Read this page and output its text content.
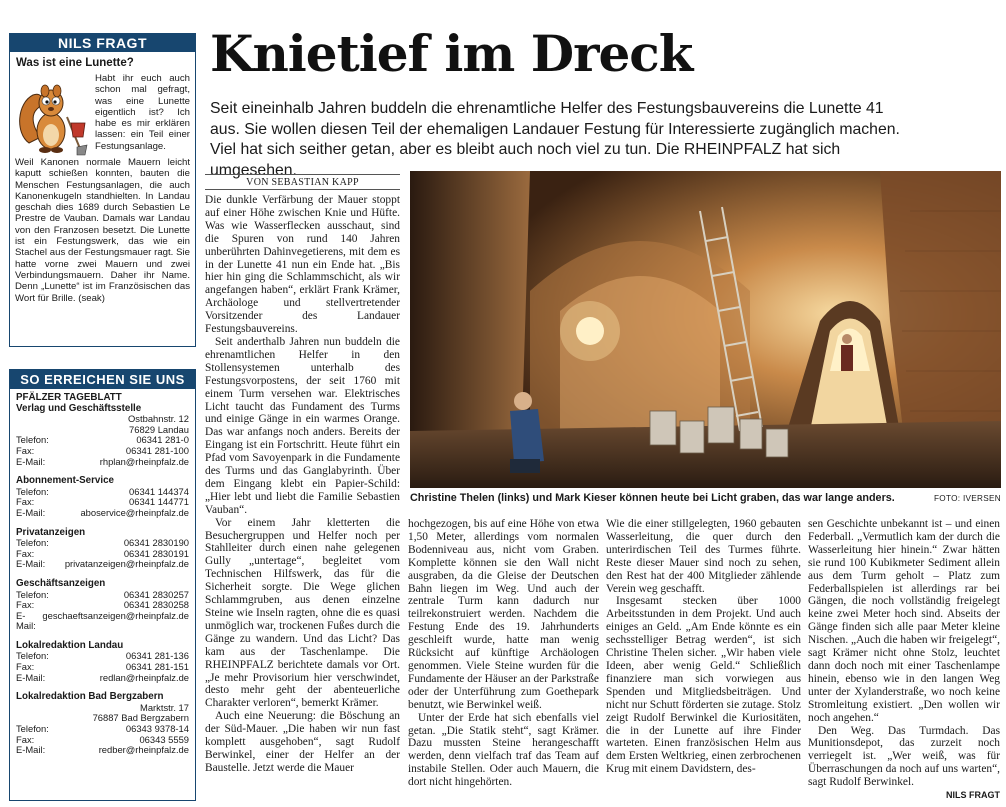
NILS FRAGT
Was ist eine Lunette?
Habt ihr euch auch schon mal gefragt, was eine Lunette eigentlich ist? Ich habe es mir erklären lassen: ein Teil einer Festungsanlage.
Weil Kanonen normale Mauern leicht kaputt schießen konnten, bauten die Menschen Festungsanlagen, die auch Kanonenkugeln standhielten. In Landau geschah dies 1689 durch Sebastien Le Prestre de Vauban. Damals war Landau von den Franzosen besetzt. Die Lunette ist ein Festungswerk, das wie ein Stachel aus der Festungsmauer ragt. Sie hatte vorne zwei Mauern und zwei Verbindungsmauern. Daher ihr Name. Denn „Lunette“ ist im Französischen das Wort für Brille. (seak)
SO ERREICHEN SIE UNS
PFÄLZER TAGEBLATT
Verlag und Geschäftsstelle
Ostbahnstr. 12
76829 Landau
Telefon:	06341 281-0
Fax:	06341 281-100
E-Mail:	rhplan@rheinpfalz.de
Abonnement-Service
Telefon:	06341 144374
Fax:	06341 144771
E-Mail:	aboservice@rheinpfalz.de
Privatanzeigen
Telefon:	06341 2830190
Fax:	06341 2830191
E-Mail: privatanzeigen@rheinpfalz.de
Geschäftsanzeigen
Telefon:	06341 2830257
Fax:	06341 2830258
E-Mail:
geschaeftsanzeigen@rheinpfalz.de
Lokalredaktion Landau
Telefon:	06341 281-136
Fax:	06341 281-151
E-Mail:	redlan@rheinpfalz.de
Lokalredaktion Bad Bergzabern
Marktstr. 17
76887 Bad Bergzabern
Telefon:	06343 9378-14
Fax:	06343 5559
E-Mail:	redber@rheinpfalz.de
Knietief im Dreck
Seit eineinhalb Jahren buddeln die ehrenamtliche Helfer des Festungsbauvereins die Lunette 41 aus. Sie wollen diesen Teil der ehemaligen Landauer Festung für Interessierte zugänglich machen. Viel hat sich seither getan, aber es bleibt auch noch viel zu tun. Die RHEINPFALZ hat sich umgesehen.
VON SEBASTIAN KAPP

Die dunkle Verfärbung der Mauer stoppt auf einer Höhe zwischen Knie und Hüfte. Was wie Wasserflecken ausschaut, sind die Spuren von rund 140 Jahren unberührten Dahinvegetierens, mit dem es in der Lunette 41 nun ein Ende hat. „Bis hier hin ging die Schlammschicht, als wir angefangen haben“, erklärt Frank Krämer, Archäologe und stellvertretender Vorsitzender des Landauer Festungsbauvereins.

Seit anderthalb Jahren nun buddeln die ehrenamtlichen Helfer in den Stollensystemen unterhalb des Festungsvorpostens, der seit 1760 mit einem Turm versehen war. Elektrisches Licht taucht das Fundament des Turms und einige Gänge in ein warmes Orange. Das war anfangs noch anders. Bereits der Eingang ist ein Fortschritt. Heute führt ein Pfad vom Savoyenpark in die Fundamente des Turms und das Ganglabyrinth. Über dem Eingang klebt ein Papier-Schild: „Hier lebt und liebt die Familie Sebastien Vauban“.

Vor einem Jahr kletterten die Besuchergruppen und Helfer noch per Stahlleiter durch einen nahe gelegenen Gully „untertage“, begleitet vom Technischen Hilfswerk, das für die Sicherheit sorgte. Die Wege glichen Schlammgruben, aus denen einzelne Steine wie Inseln ragten, ohne die es quasi unmöglich war, trockenen Fußes durch die Gänge zu wandern. Und das Licht? Das kam aus der Taschenlampe. Die RHEINPFALZ berichtete damals vor Ort. „Je mehr Provisorium hier verschwindet, desto mehr geht der abenteuerliche Charakter verloren“, bemerkt Krämer.

Auch eine Neuerung: die Böschung an der Süd-Mauer. „Die haben wir nun fast komplett ausgehoben“, sagt Rudolf Berwinkel, einer der Helfer an der Baustelle. Jetzt werde die Mauer

Christine Thelen (links) und Mark Kieser können heute bei Licht graben, das war lange anders.	FOTO: IVERSEN

hochgezogen, bis auf eine Höhe von etwa 1,50 Meter, allerdings vom normalen Bodenniveau aus, nicht vom Graben. Komplette können sie den Wall nicht ausgraben, da die Gleise der Deutschen Bahn liegen im Weg. Und auch der zentrale Turm kann dadurch nur teilrekonstruiert werden. Nachdem die Festung Ende des 19. Jahrhunderts geschleift wurde, hatte man wenig Rücksicht auf künftige Archäologen genommen. Viele Steine wurden für die Fundamente der Häuser an der Parkstraße oder der Unterführung zum Goethepark benutzt, wie Berwinkel weiß.

Unter der Erde hat sich ebenfalls viel getan. „Die Statik steht“, sagt Krämer. Dazu mussten Steine herangeschafft werden, denn vielfach traf das Team auf instabile Stellen. Oder auch Mauern, die dort nicht hingehörten.

Wie die einer stillgelegten, 1960 gebauten Wasserleitung, die quer durch den unterirdischen Teil des Turmes führte. Reste dieser Mauer sind noch zu sehen, den Rest hat der 400 Mitglieder zählende Verein weg geschafft.

Insgesamt stecken über 1000 Arbeitsstunden in dem Projekt. Und auch einiges an Geld. „Am Ende könnte es ein sechsstelliger Betrag werden“, ist sich Christine Thelen sicher. „Wir haben viele Ideen, aber wenig Geld.“ Schließlich finanziere man sich vorwiegen aus Spenden und Mitgliedsbeiträgen. Und nicht nur Schutt förderten sie zutage. Stolz zeigt Rudolf Berwinkel die Kuriositäten, die in der Lunette auf ihre Finder warteten. Einen französischen Helm aus dem Ersten Weltkrieg, einen zerbrochenen Krug mit einem Davidstern, des-

sen Geschichte unbekannt ist – und einen Federball. „Vermutlich kam der durch die Wasserleitung hier hinein.“ Zwar hätten sie rund 100 Kubikmeter Sediment allein aus dem Turm geholt – Platz zum Federballspielen ist allerdings rar bei Gängen, die noch vollständig freigelegt keine zwei Meter hoch sind. Abseits der Gänge finden sich alle paar Meter kleine Nischen. „Auch die haben wir freigelegt“, sagt Krämer nicht ohne Stolz, leuchtet dann doch noch mit einer Taschenlampe hinein, ebenso wie in den langen Weg unter der Xylanderstraße, wo noch keine Stromleitung existiert. „Den wollen wir noch angehen.“

Den Weg. Das Turmdach. Das Munitionsdepot, das zurzeit noch verriegelt ist. „Wer weiß, was für Überraschungen da noch auf uns warten“, sagt Rudolf Berwinkel.

NILS FRAGT
